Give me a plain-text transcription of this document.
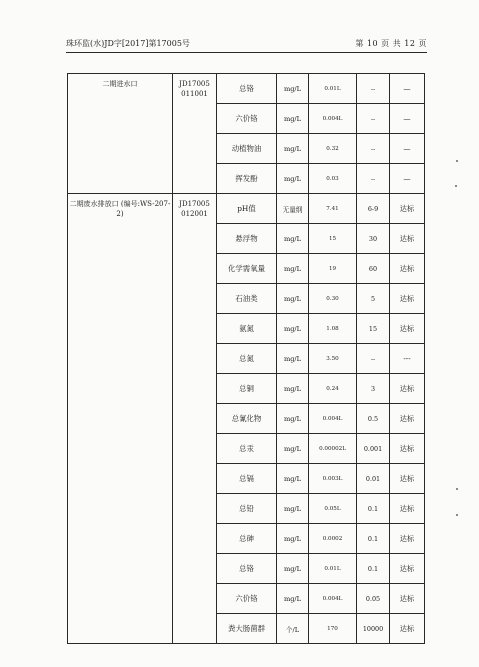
珠环监(水)JD字[2017]第17005号	第 10 页 共 12 页
二期进水口	JD17005 011001	总铬	mg/L	0.01L	--	—
		六价铬	mg/L	0.004L	--	—
		动植物油	mg/L	0.32	--	—
		挥发酚	mg/L	0.03	--	—
二期废水排放口 (编号:WS-207-2)	JD17005 012001	pH值	无量纲	7.41	6-9	达标
		悬浮物	mg/L	15	30	达标
		化学需氧量	mg/L	19	60	达标
		石油类	mg/L	0.30	5	达标
		氨氮	mg/L	1.08	15	达标
		总氮	mg/L	3.50	--	---
		总铜	mg/L	0.24	3	达标
		总氰化物	mg/L	0.004L	0.5	达标
		总汞	mg/L	0.00002L	0.001	达标
		总镉	mg/L	0.003L	0.01	达标
		总铅	mg/L	0.05L	0.1	达标
		总砷	mg/L	0.0002	0.1	达标
		总铬	mg/L	0.01L	0.1	达标
		六价铬	mg/L	0.004L	0.05	达标
		粪大肠菌群	个/L	170	10000	达标
